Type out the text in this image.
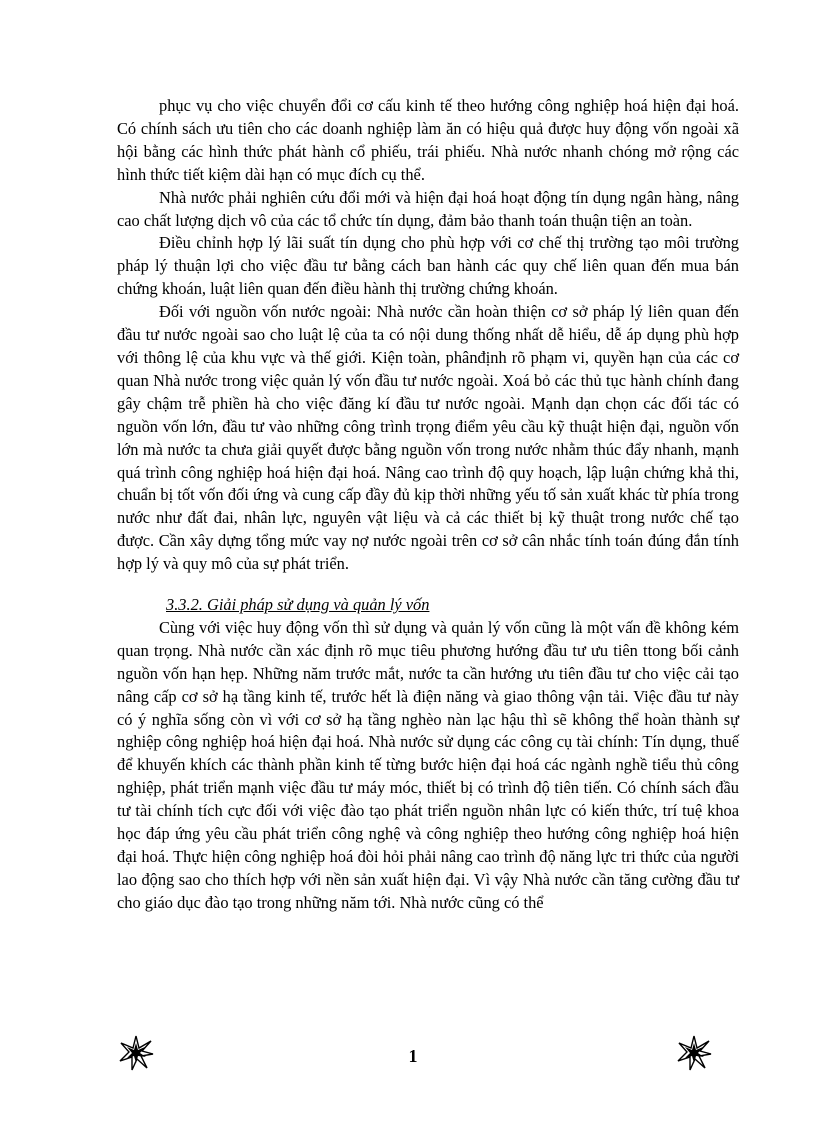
phục vụ cho việc chuyển đổi cơ cấu kinh tế theo hướng công nghiệp hoá hiện đại hoá. Có chính sách ưu tiên cho các doanh nghiệp làm ăn có hiệu quả được huy động vốn ngoài xã hội bằng các hình thức phát hành cổ phiếu, trái phiếu. Nhà nước nhanh chóng mở rộng các hình thức tiết kiệm dài hạn có mục đích cụ thể.

Nhà nước phải nghiên cứu đổi mới và hiện đại hoá hoạt động tín dụng ngân hàng, nâng cao chất lượng dịch vô của các tổ chức tín dụng, đảm bảo thanh toán thuận tiện an toàn.

Điều chỉnh hợp lý lãi suất tín dụng cho phù hợp với cơ chế thị trường tạo môi trường pháp lý thuận lợi cho việc đầu tư bằng cách ban hành các quy chế liên quan đến mua bán chứng khoán, luật liên quan đến điều hành thị trường chứng khoán.

Đối với nguồn vốn nước ngoài: Nhà nước cần hoàn thiện cơ sở pháp lý liên quan đến đầu tư nước ngoài sao cho luật lệ của ta có nội dung thống nhất dễ hiểu, dễ áp dụng phù hợp với thông lệ của khu vực và thế giới. Kiện toàn, phânđịnh rõ phạm vi, quyền hạn của các cơ quan Nhà nước trong việc quản lý vốn đầu tư nước ngoài. Xoá bỏ các thủ tục hành chính đang gây chậm trễ phiền hà cho việc đăng kí đầu tư nước ngoài. Mạnh dạn chọn các đối tác có nguồn vốn lớn, đầu tư vào những công trình trọng điểm yêu cầu kỹ thuật hiện đại, nguồn vốn lớn mà nước ta chưa giải quyết được bằng nguồn vốn trong nước nhằm thúc đẩy nhanh, mạnh quá trình công nghiệp hoá hiện đại hoá. Nâng cao trình độ quy hoạch, lập luận chứng khả thi, chuẩn bị tốt vốn đối ứng và cung cấp đầy đủ kịp thời những yếu tố sản xuất khác từ phía trong nước như đất đai, nhân lực, nguyên vật liệu và cả các thiết bị kỹ thuật trong nước chế tạo được. Cần xây dựng tổng mức vay nợ nước ngoài trên cơ sở cân nhắc tính toán đúng đắn tính hợp lý và quy mô của sự phát triển.

3.3.2. Giải pháp sử dụng và quản lý vốn

Cùng với việc huy động vốn thì sử dụng và quản lý vốn cũng là một vấn đề không kém quan trọng. Nhà nước cần xác định rõ mục tiêu phương hướng đầu tư ưu tiên ttong bối cảnh nguồn vốn hạn hẹp. Những năm trước mắt, nước ta cần hướng ưu tiên đầu tư cho việc cải tạo nâng cấp cơ sở hạ tầng kinh tế, trước hết là điện năng và giao thông vận tải. Việc đầu tư này có ý nghĩa sống còn vì với cơ sở hạ tầng nghèo nàn lạc hậu thì sẽ không thể hoàn thành sự nghiệp công nghiệp hoá hiện đại hoá. Nhà nước sử dụng các công cụ tài chính: Tín dụng, thuế để khuyến khích các thành phần kinh tế từng bước hiện đại hoá các ngành nghề tiểu thủ công nghiệp, phát triển mạnh việc đầu tư máy móc, thiết bị có trình độ tiên tiến. Có chính sách đầu tư tài chính tích cực đối với việc đào tạo phát triển nguồn nhân lực có kiến thức, trí tuệ khoa học đáp ứng yêu cầu phát triển công nghệ và công nghiệp theo hướng công nghiệp hoá hiện đại hoá. Thực hiện công nghiệp hoá đòi hỏi phải nâng cao trình độ năng lực tri thức của người lao động sao cho thích hợp với nền sản xuất hiện đại. Vì vậy Nhà nước cần tăng cường đầu tư cho giáo dục đào tạo trong những năm tới. Nhà nước cũng có thể

1
